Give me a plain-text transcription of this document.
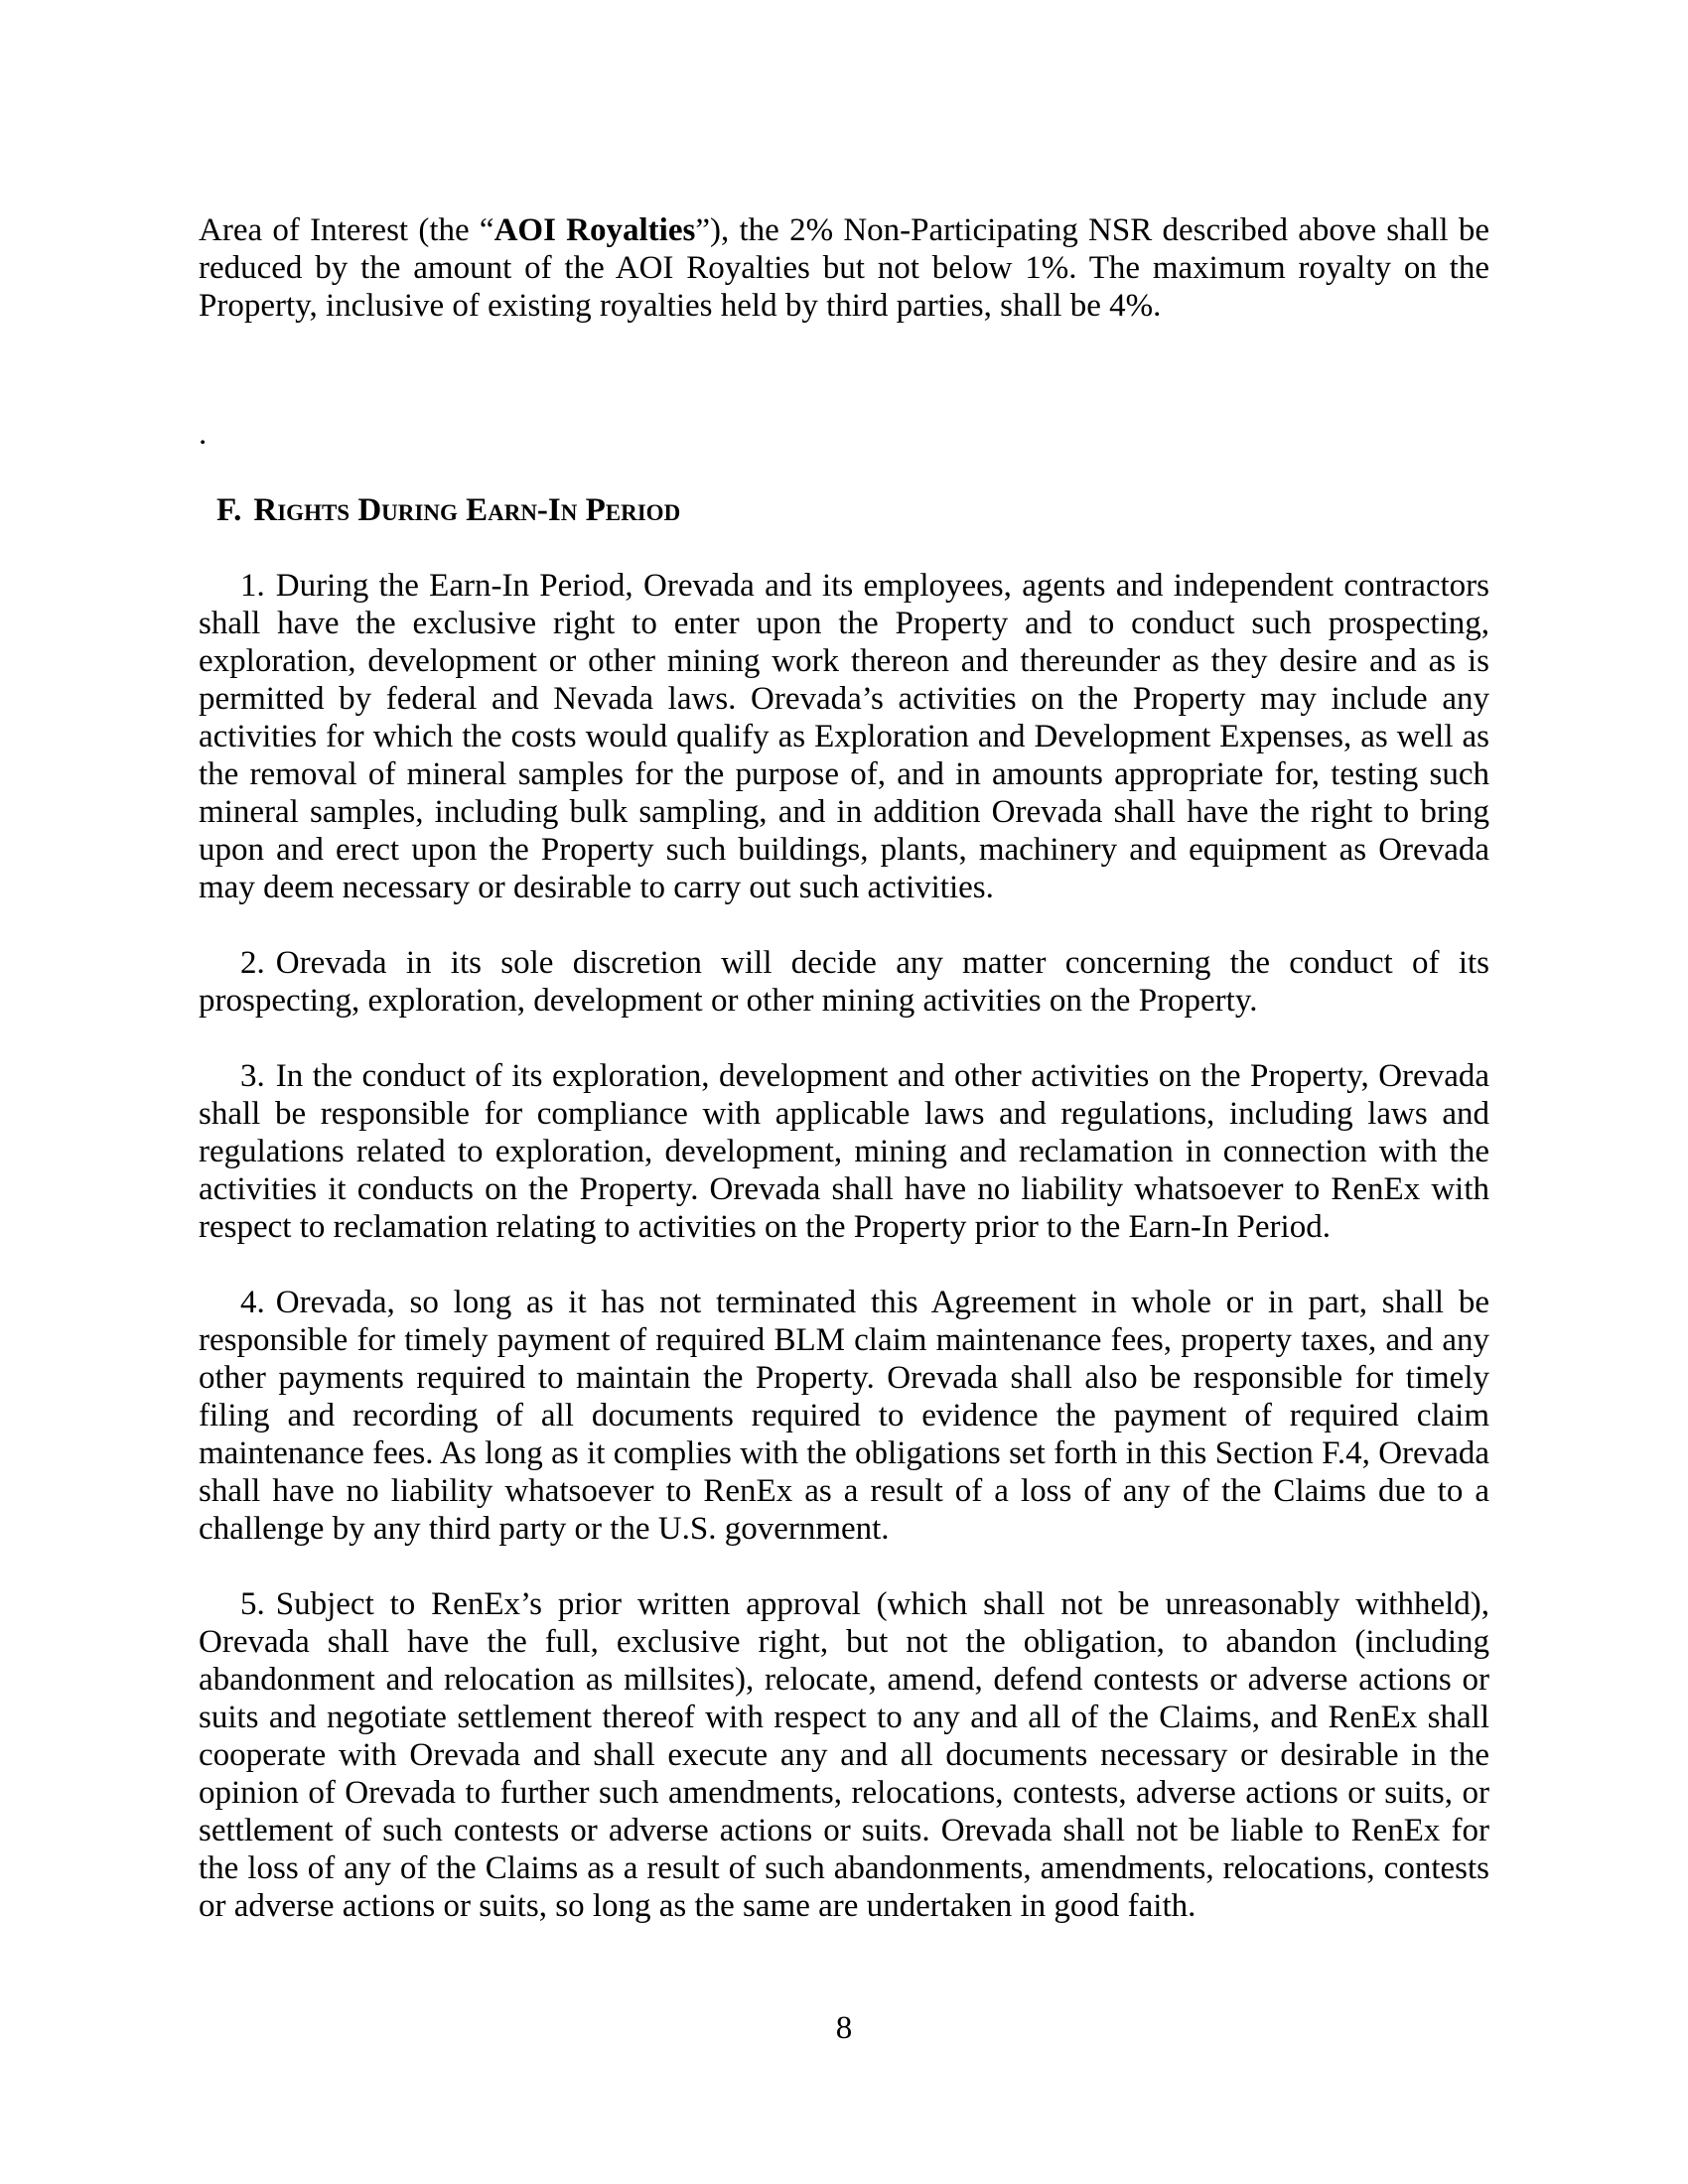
Area of Interest (the “AOI Royalties”), the 2% Non-Participating NSR described above shall be reduced by the amount of the AOI Royalties but not below 1%. The maximum royalty on the Property, inclusive of existing royalties held by third parties, shall be 4%.

.

F. Rights During Earn-In Period

1. During the Earn-In Period, Orevada and its employees, agents and independent contractors shall have the exclusive right to enter upon the Property and to conduct such prospecting, exploration, development or other mining work thereon and thereunder as they desire and as is permitted by federal and Nevada laws. Orevada’s activities on the Property may include any activities for which the costs would qualify as Exploration and Development Expenses, as well as the removal of mineral samples for the purpose of, and in amounts appropriate for, testing such mineral samples, including bulk sampling, and in addition Orevada shall have the right to bring upon and erect upon the Property such buildings, plants, machinery and equipment as Orevada may deem necessary or desirable to carry out such activities.

2. Orevada in its sole discretion will decide any matter concerning the conduct of its prospecting, exploration, development or other mining activities on the Property.

3. In the conduct of its exploration, development and other activities on the Property, Orevada shall be responsible for compliance with applicable laws and regulations, including laws and regulations related to exploration, development, mining and reclamation in connection with the activities it conducts on the Property. Orevada shall have no liability whatsoever to RenEx with respect to reclamation relating to activities on the Property prior to the Earn-In Period.

4. Orevada, so long as it has not terminated this Agreement in whole or in part, shall be responsible for timely payment of required BLM claim maintenance fees, property taxes, and any other payments required to maintain the Property. Orevada shall also be responsible for timely filing and recording of all documents required to evidence the payment of required claim maintenance fees. As long as it complies with the obligations set forth in this Section F.4, Orevada shall have no liability whatsoever to RenEx as a result of a loss of any of the Claims due to a challenge by any third party or the U.S. government.

5. Subject to RenEx’s prior written approval (which shall not be unreasonably withheld), Orevada shall have the full, exclusive right, but not the obligation, to abandon (including abandonment and relocation as millsites), relocate, amend, defend contests or adverse actions or suits and negotiate settlement thereof with respect to any and all of the Claims, and RenEx shall cooperate with Orevada and shall execute any and all documents necessary or desirable in the opinion of Orevada to further such amendments, relocations, contests, adverse actions or suits, or settlement of such contests or adverse actions or suits. Orevada shall not be liable to RenEx for the loss of any of the Claims as a result of such abandonments, amendments, relocations, contests or adverse actions or suits, so long as the same are undertaken in good faith.

8
